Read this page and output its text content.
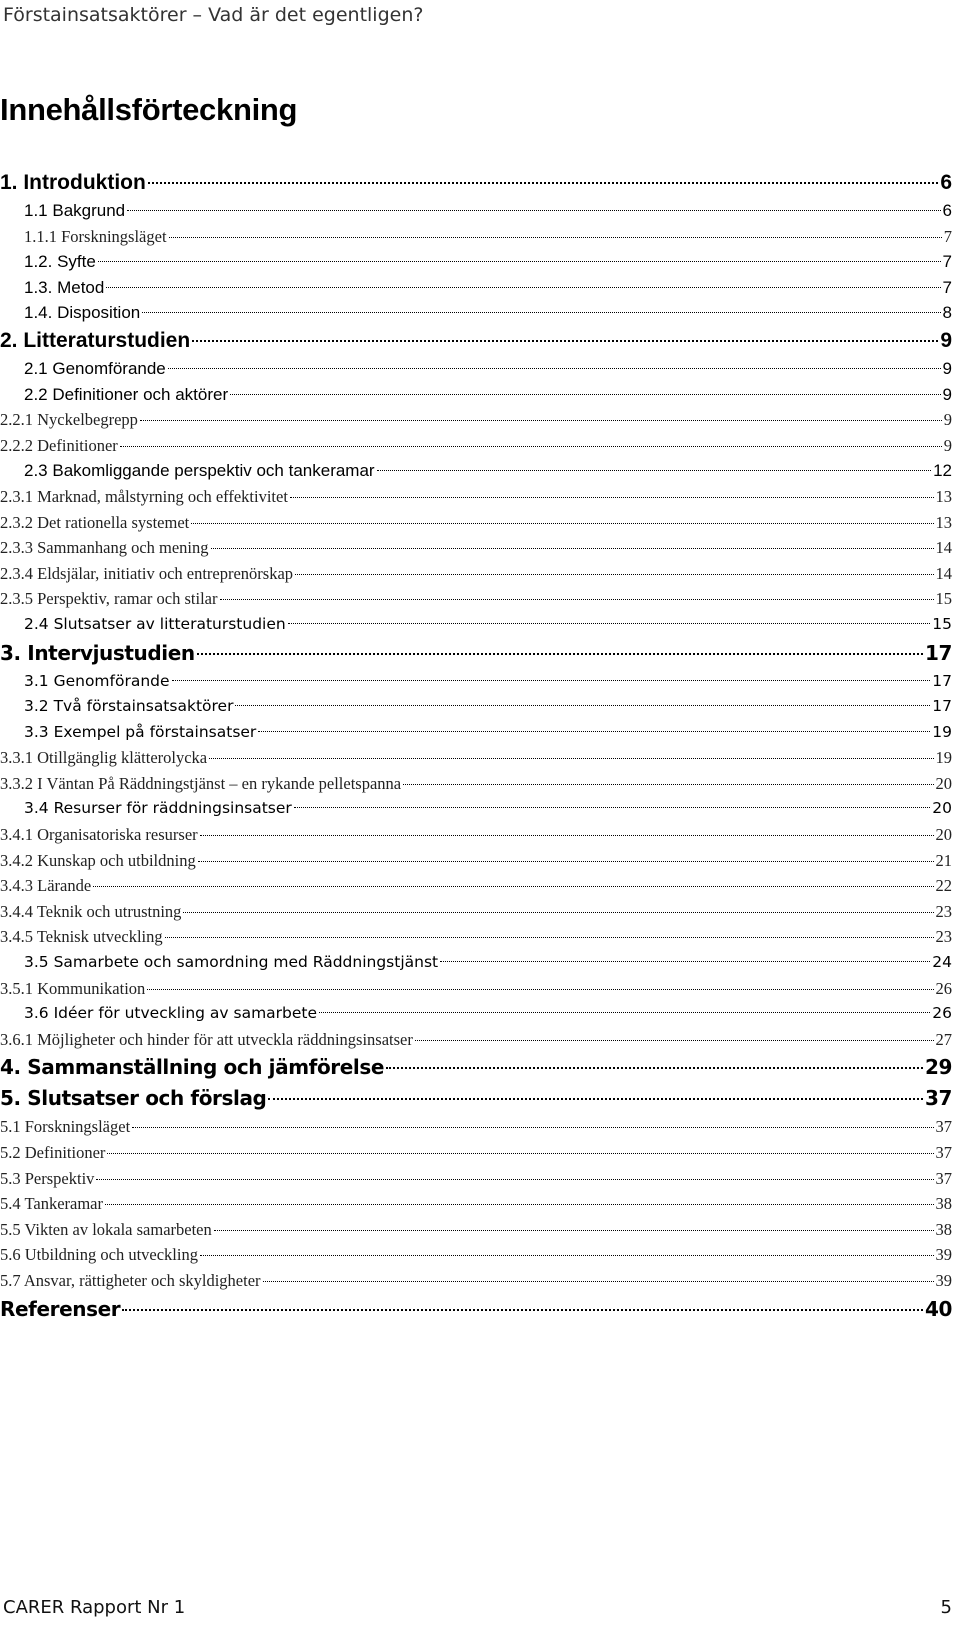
Förstainsatsaktörer – Vad är det egentligen?
Innehållsförteckning
1. Introduktion	6
1.1 Bakgrund	6
1.1.1 Forskningsläget	7
1.2. Syfte	7
1.3. Metod	7
1.4. Disposition	8
2. Litteraturstudien	9
2.1 Genomförande	9
2.2 Definitioner och aktörer	9
2.2.1 Nyckelbegrepp	9
2.2.2 Definitioner	9
2.3 Bakomliggande perspektiv och tankeramar	12
2.3.1 Marknad, målstyrning och effektivitet	13
2.3.2 Det rationella systemet	13
2.3.3 Sammanhang och mening	14
2.3.4 Eldsjälar, initiativ och entreprenörskap	14
2.3.5 Perspektiv, ramar och stilar	15
2.4 Slutsatser av litteraturstudien	15
3. Intervjustudien	17
3.1 Genomförande	17
3.2 Två förstainsatsaktörer	17
3.3 Exempel på förstainsatser	19
3.3.1 Otillgänglig klätterolycka	19
3.3.2 I Väntan På Räddningstjänst – en rykande pelletspanna	20
3.4 Resurser för räddningsinsatser	20
3.4.1 Organisatoriska resurser	20
3.4.2 Kunskap och utbildning	21
3.4.3 Lärande	22
3.4.4 Teknik och utrustning	23
3.4.5 Teknisk utveckling	23
3.5 Samarbete och samordning med Räddningstjänst	24
3.5.1 Kommunikation	26
3.6 Idéer för utveckling av samarbete	26
3.6.1 Möjligheter och hinder för att utveckla räddningsinsatser	27
4. Sammanställning och jämförelse	29
5. Slutsatser och förslag	37
5.1 Forskningsläget	37
5.2 Definitioner	37
5.3 Perspektiv	37
5.4 Tankeramar	38
5.5 Vikten av lokala samarbeten	38
5.6 Utbildning och utveckling	39
5.7 Ansvar, rättigheter och skyldigheter	39
Referenser	40
CARER Rapport Nr 1	5
